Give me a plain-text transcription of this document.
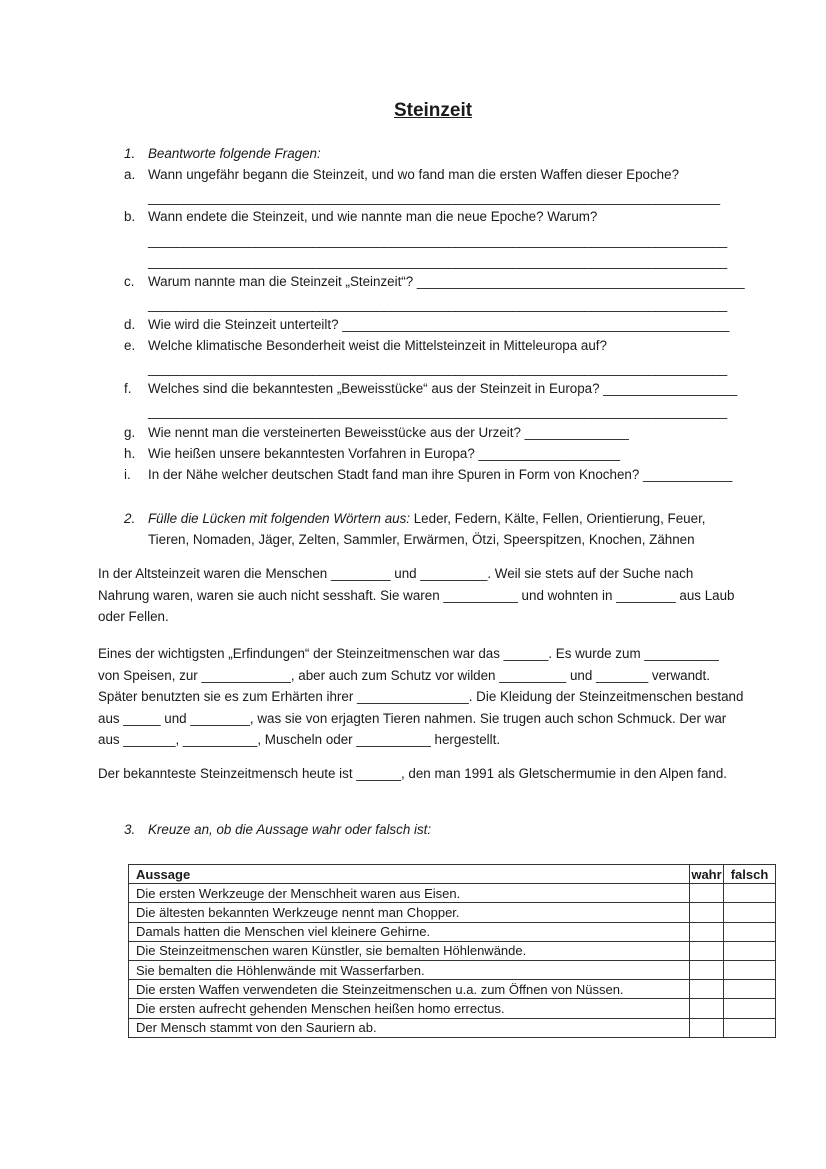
Steinzeit
1. Beantworte folgende Fragen:
a. Wann ungefähr begann die Steinzeit, und wo fand man die ersten Waffen dieser Epoche?
________________________________________________________________________________
b. Wann endete die Steinzeit, und wie nannte man die neue Epoche? Warum?
_________________________________________________________________________________
_________________________________________________________________________________
c. Warum nannte man die Steinzeit „Steinzeit“? ____________________________________________
_________________________________________________________________________________
d. Wie wird die Steinzeit unterteilt? ____________________________________________________
e. Welche klimatische Besonderheit weist die Mittelsteinzeit in Mitteleuropa auf?
_________________________________________________________________________________
f. Welches sind die bekanntesten „Beweisstücke“ aus der Steinzeit in Europa? __________________
_________________________________________________________________________________
g. Wie nennt man die versteinerten Beweisstücke aus der Urzeit? ______________
h. Wie heißen unsere bekanntesten Vorfahren in Europa? ___________________
i. In der Nähe welcher deutschen Stadt fand man ihre Spuren in Form von Knochen? ____________
2. Fülle die Lücken mit folgenden Wörtern aus: Leder, Federn, Kälte, Fellen, Orientierung, Feuer,
Tieren, Nomaden, Jäger, Zelten, Sammler, Erwärmen, Ötzi, Speerspitzen, Knochen, Zähnen
In der Altsteinzeit waren die Menschen ________ und _________. Weil sie stets auf der Suche nach
Nahrung waren, waren sie auch nicht sesshaft. Sie waren __________ und wohnten in ________ aus Laub
oder Fellen.
Eines der wichtigsten „Erfindungen“ der Steinzeitmenschen war das ______. Es wurde zum __________
von Speisen, zur ____________, aber auch zum Schutz vor wilden _________ und _______ verwandt.
Später benutzten sie es zum Erhärten ihrer _______________. Die Kleidung der Steinzeitmenschen bestand
aus _____ und ________, was sie von erjagten Tieren nahmen. Sie trugen auch schon Schmuck. Der war
aus _______, __________, Muscheln oder __________ hergestellt.
Der bekannteste Steinzeitmensch heute ist ______, den man 1991 als Gletschermumie in den Alpen fand.
3. Kreuze an, ob die Aussage wahr oder falsch ist:
Aussage	wahr	falsch
Die ersten Werkzeuge der Menschheit waren aus Eisen.		
Die ältesten bekannten Werkzeuge nennt man Chopper.		
Damals hatten die Menschen viel kleinere Gehirne.		
Die Steinzeitmenschen waren Künstler, sie bemalten Höhlenwände.		
Sie bemalten die Höhlenwände mit Wasserfarben.		
Die ersten Waffen verwendeten die Steinzeitmenschen u.a. zum Öffnen von Nüssen.		
Die ersten aufrecht gehenden Menschen heißen homo errectus.		
Der Mensch stammt von den Sauriern ab.		
